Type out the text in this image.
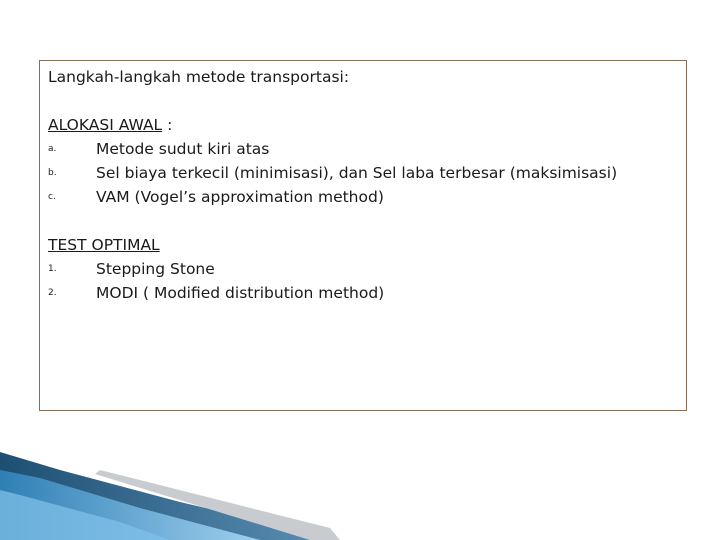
Langkah-langkah metode transportasi:

ALOKASI AWAL :

a.	Metode sudut kiri atas
b.	Sel biaya terkecil (minimisasi), dan Sel laba terbesar (maksimisasi)
c.	VAM (Vogel’s approximation method)

TEST OPTIMAL

1.	Stepping Stone
2.	MODI ( Modified distribution method)
